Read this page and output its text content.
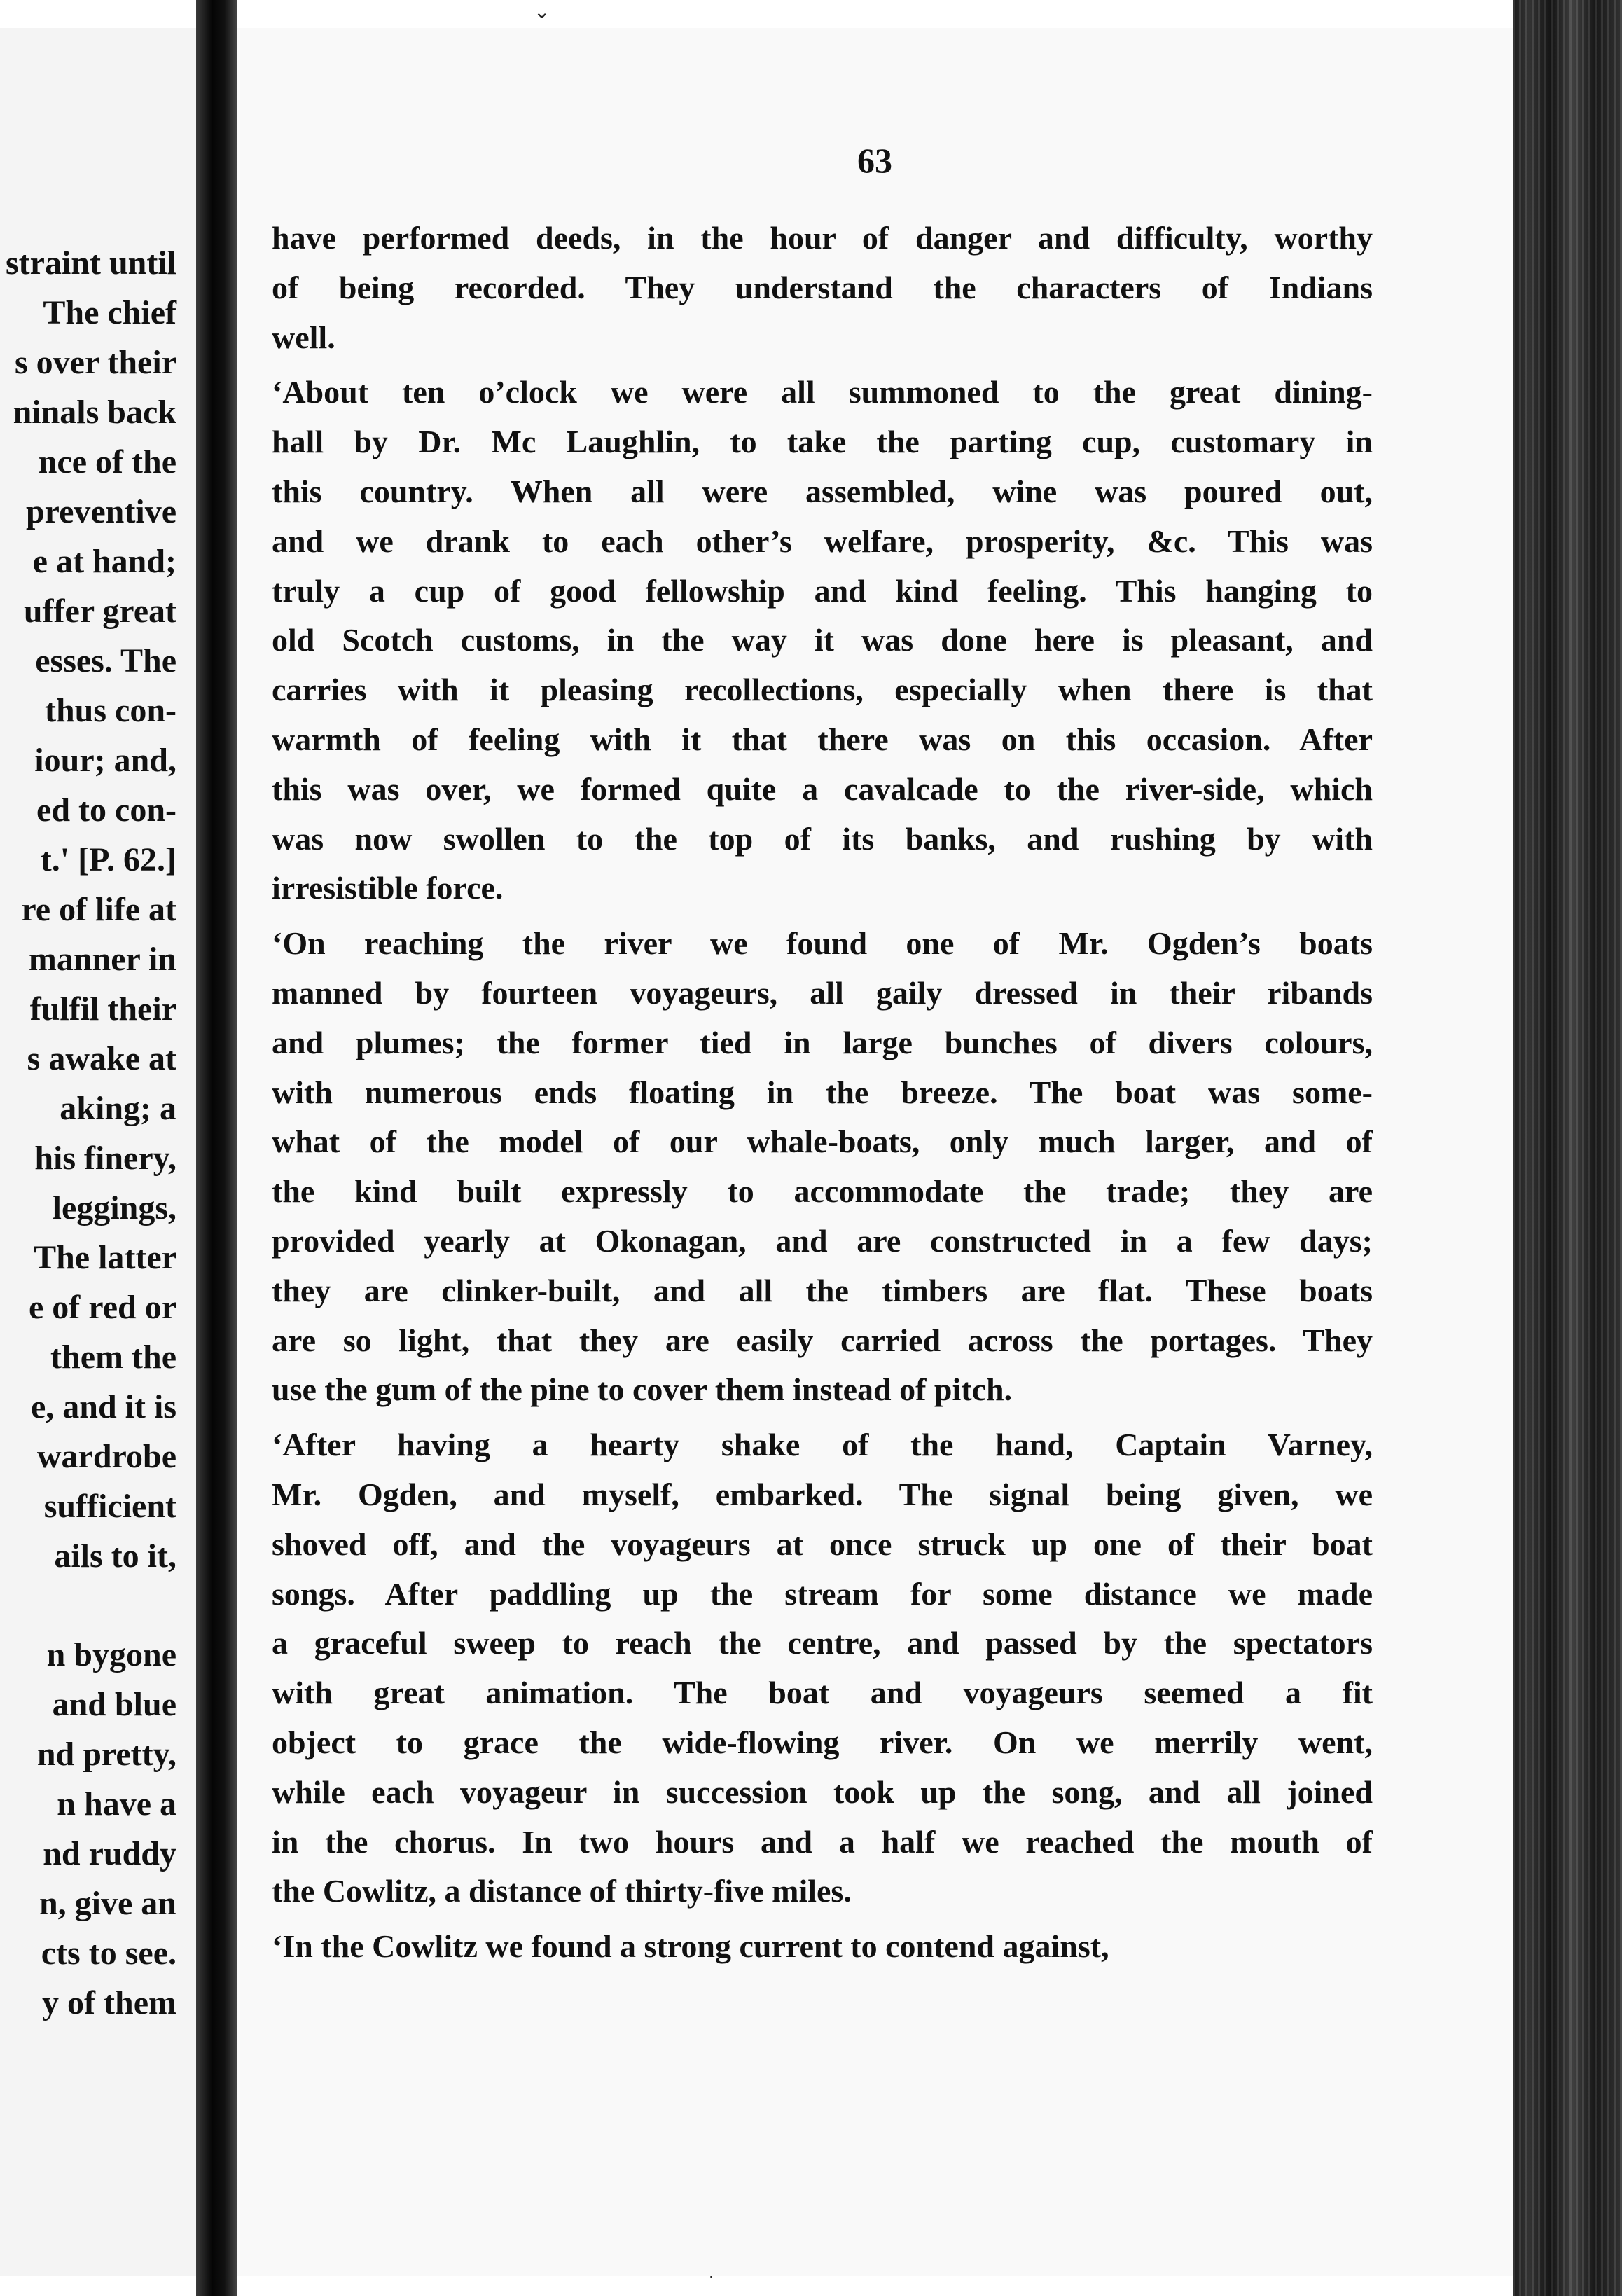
straint until
The chief
s over their
ninals back
nce of the
preventive
e at hand;
uffer great
esses. The
thus con-
iour; and,
ed to con-
t.' [P. 62.]
re of life at
manner in
fulfil their
s awake at
aking; a
his finery,
leggings,
The latter
e of red or
them the
e, and it is
wardrobe
sufficient
ails to it,
n bygone
and blue
nd pretty,
n have a
nd ruddy
n, give an
cts to see.
y of them
63
have performed deeds, in the hour of danger and difficulty, worthy
of being recorded. They understand the characters of Indians
well.
‘About ten o’clock we were all summoned to the great dining-
hall by Dr. Mc Laughlin, to take the parting cup, customary in
this country. When all were assembled, wine was poured out,
and we drank to each other’s welfare, prosperity, &c. This was
truly a cup of good fellowship and kind feeling. This hanging to
old Scotch customs, in the way it was done here is pleasant, and
carries with it pleasing recollections, especially when there is that
warmth of feeling with it that there was on this occasion. After
this was over, we formed quite a cavalcade to the river-side, which
was now swollen to the top of its banks, and rushing by with
irresistible force.
‘On reaching the river we found one of Mr. Ogden’s boats
manned by fourteen voyageurs, all gaily dressed in their ribands
and plumes; the former tied in large bunches of divers colours,
with numerous ends floating in the breeze. The boat was some-
what of the model of our whale-boats, only much larger, and of
the kind built expressly to accommodate the trade; they are
provided yearly at Okonagan, and are constructed in a few days;
they are clinker-built, and all the timbers are flat. These boats
are so light, that they are easily carried across the portages. They
use the gum of the pine to cover them instead of pitch.
‘After having a hearty shake of the hand, Captain Varney,
Mr. Ogden, and myself, embarked. The signal being given, we
shoved off, and the voyageurs at once struck up one of their boat
songs. After paddling up the stream for some distance we made
a graceful sweep to reach the centre, and passed by the spectators
with great animation. The boat and voyageurs seemed a fit
object to grace the wide-flowing river. On we merrily went,
while each voyageur in succession took up the song, and all joined
in the chorus. In two hours and a half we reached the mouth of
the Cowlitz, a distance of thirty-five miles.
‘In the Cowlitz we found a strong current to contend against,
⌄
·
